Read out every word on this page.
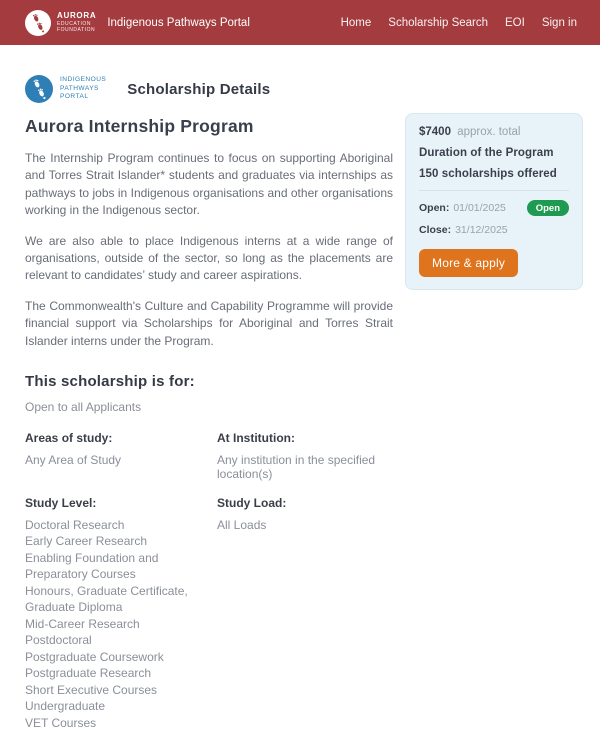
AURORA
EDUCATION
FOUNDATION
Indigenous Pathways Portal	Home Scholarship Search EOI Sign in
INDIGENOUS
PATHWAYS
PORTAL	Scholarship Details
Aurora Internship Program

The Internship Program continues to focus on supporting Aboriginal and Torres Strait Islander* students and graduates via internships as pathways to jobs in Indigenous organisations and other organisations working in the Indigenous sector.

We are also able to place Indigenous interns at a wide range of organisations, outside of the sector, so long as the placements are relevant to candidates’ study and career aspirations.

The Commonwealth's Culture and Capability Programme will provide financial support via Scholarships for Aboriginal and Torres Strait Islander interns under the Program.

This scholarship is for:
Open to all Applicants
Areas of study:
Any Area of Study
At Institution:
Any institution in the specified location(s)
Study Level:
Doctoral Research
Early Career Research
Enabling Foundation and Preparatory Courses
Honours, Graduate Certificate, Graduate Diploma
Mid-Career Research
Postdoctoral
Postgraduate Coursework
Postgraduate Research
Short Executive Courses
Undergraduate
VET Courses
Study Load:
All Loads
$7400 approx. total
Duration of the Program
150 scholarships offered
Open: 01/01/2025	Open
Close: 31/12/2025
More & apply
